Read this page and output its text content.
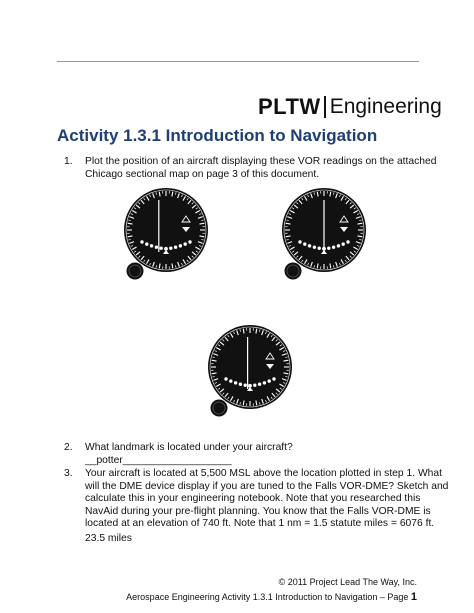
PLTW Engineering
Activity 1.3.1 Introduction to Navigation
1. Plot the position of an aircraft displaying these VOR readings on the attached
Chicago sectional map on page 3 of this document.
2. What landmark is located under your aircraft?
__potter___________________
3. Your aircraft is located at 5,500 MSL above the location plotted in step 1. What
will the DME device display if you are tuned to the Falls VOR-DME? Sketch and
calculate this in your engineering notebook. Note that you researched this
NavAid during your pre-flight planning. You know that the Falls VOR-DME is
located at an elevation of 740 ft. Note that 1 nm = 1.5 statute miles = 6076 ft.
23.5 miles
© 2011 Project Lead The Way, Inc.
Aerospace Engineering Activity 1.3.1 Introduction to Navigation – Page 1
